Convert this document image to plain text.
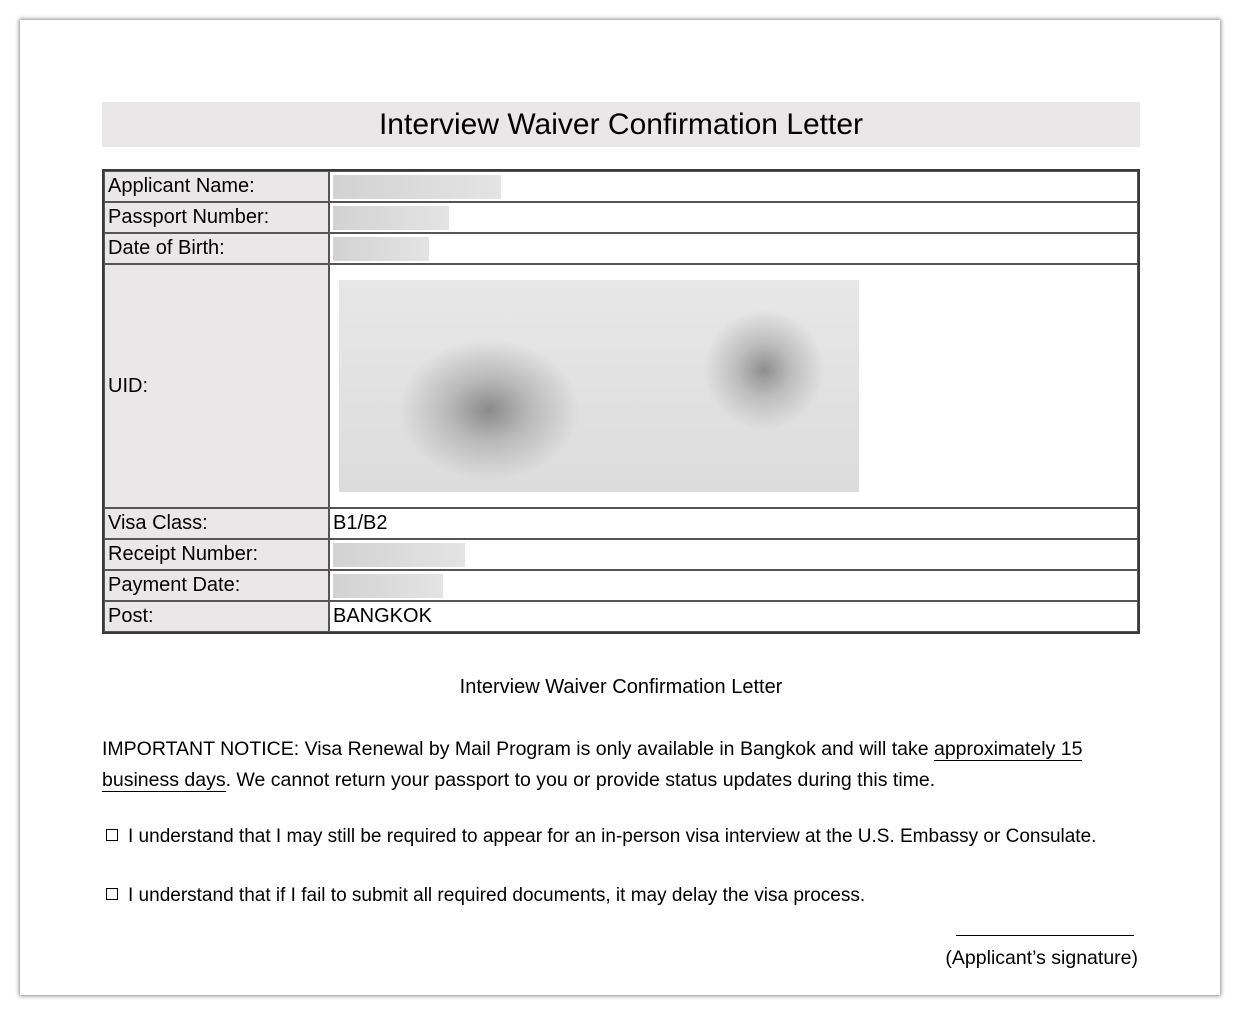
Interview Waiver Confirmation Letter
Applicant Name:	
Passport Number:	
Date of Birth:	
UID:	

Visa Class:	B1/B2
Receipt Number:	
Payment Date:	
Post:	BANGKOK
Interview Waiver Confirmation Letter
IMPORTANT NOTICE: Visa Renewal by Mail Program is only available in Bangkok and will take approximately 15
business days. We cannot return your passport to you or provide status updates during this time.
I understand that I may still be required to appear for an in-person visa interview at the U.S. Embassy or Consulate.
I understand that if I fail to submit all required documents, it may delay the visa process.
(Applicant’s signature)
